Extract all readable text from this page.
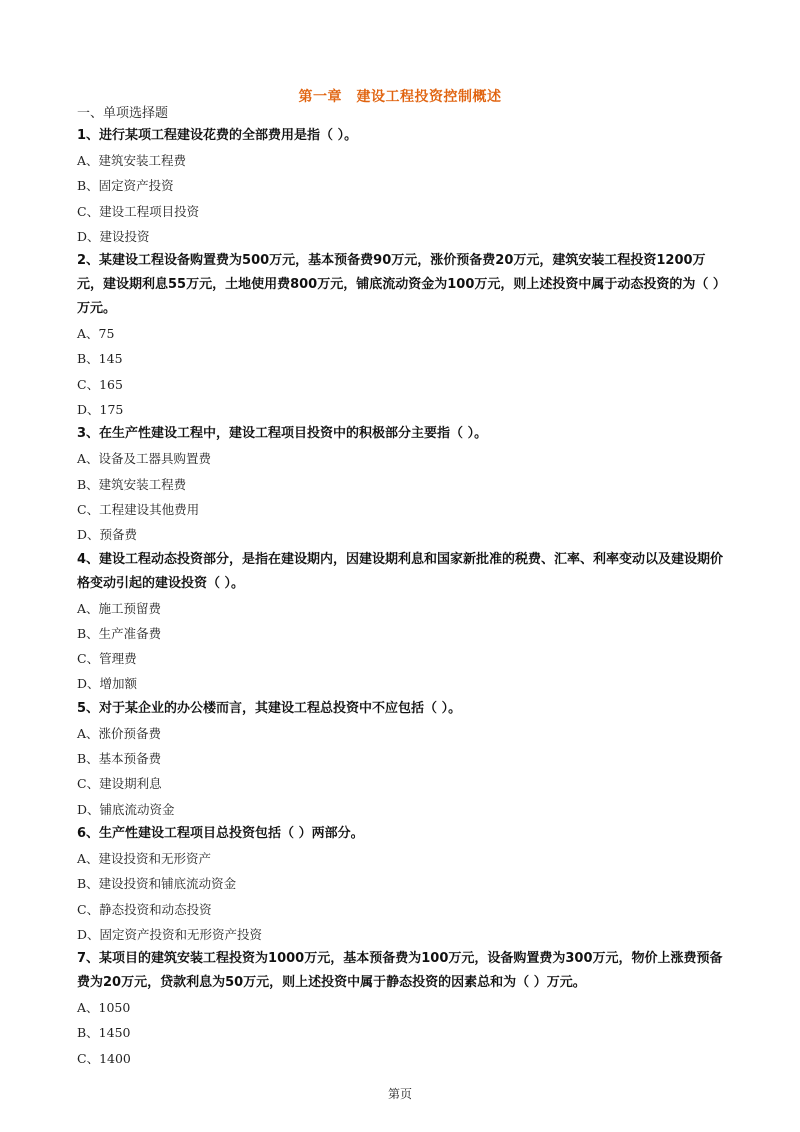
第一章　建设工程投资控制概述
一、单项选择题
1、进行某项工程建设花费的全部费用是指（ ）。
A、建筑安装工程费
B、固定资产投资
C、建设工程项目投资
D、建设投资
2、某建设工程设备购置费为500万元，基本预备费90万元，涨价预备费20万元，建筑安装工程投资1200万元，建设期利息55万元，土地使用费800万元，铺底流动资金为100万元，则上述投资中属于动态投资的为（ ）万元。
A、75
B、145
C、165
D、175
3、在生产性建设工程中，建设工程项目投资中的积极部分主要指（ ）。
A、设备及工器具购置费
B、建筑安装工程费
C、工程建设其他费用
D、预备费
4、建设工程动态投资部分，是指在建设期内，因建设期利息和国家新批准的税费、汇率、利率变动以及建设期价格变动引起的建设投资（ ）。
A、施工预留费
B、生产准备费
C、管理费
D、增加额
5、对于某企业的办公楼而言，其建设工程总投资中不应包括（ ）。
A、涨价预备费
B、基本预备费
C、建设期利息
D、铺底流动资金
6、生产性建设工程项目总投资包括（ ）两部分。
A、建设投资和无形资产
B、建设投资和铺底流动资金
C、静态投资和动态投资
D、固定资产投资和无形资产投资
7、某项目的建筑安装工程投资为1000万元，基本预备费为100万元，设备购置费为300万元，物价上涨费预备费为20万元，贷款利息为50万元，则上述投资中属于静态投资的因素总和为（ ）万元。
A、1050
B、1450
C、1400
第页
